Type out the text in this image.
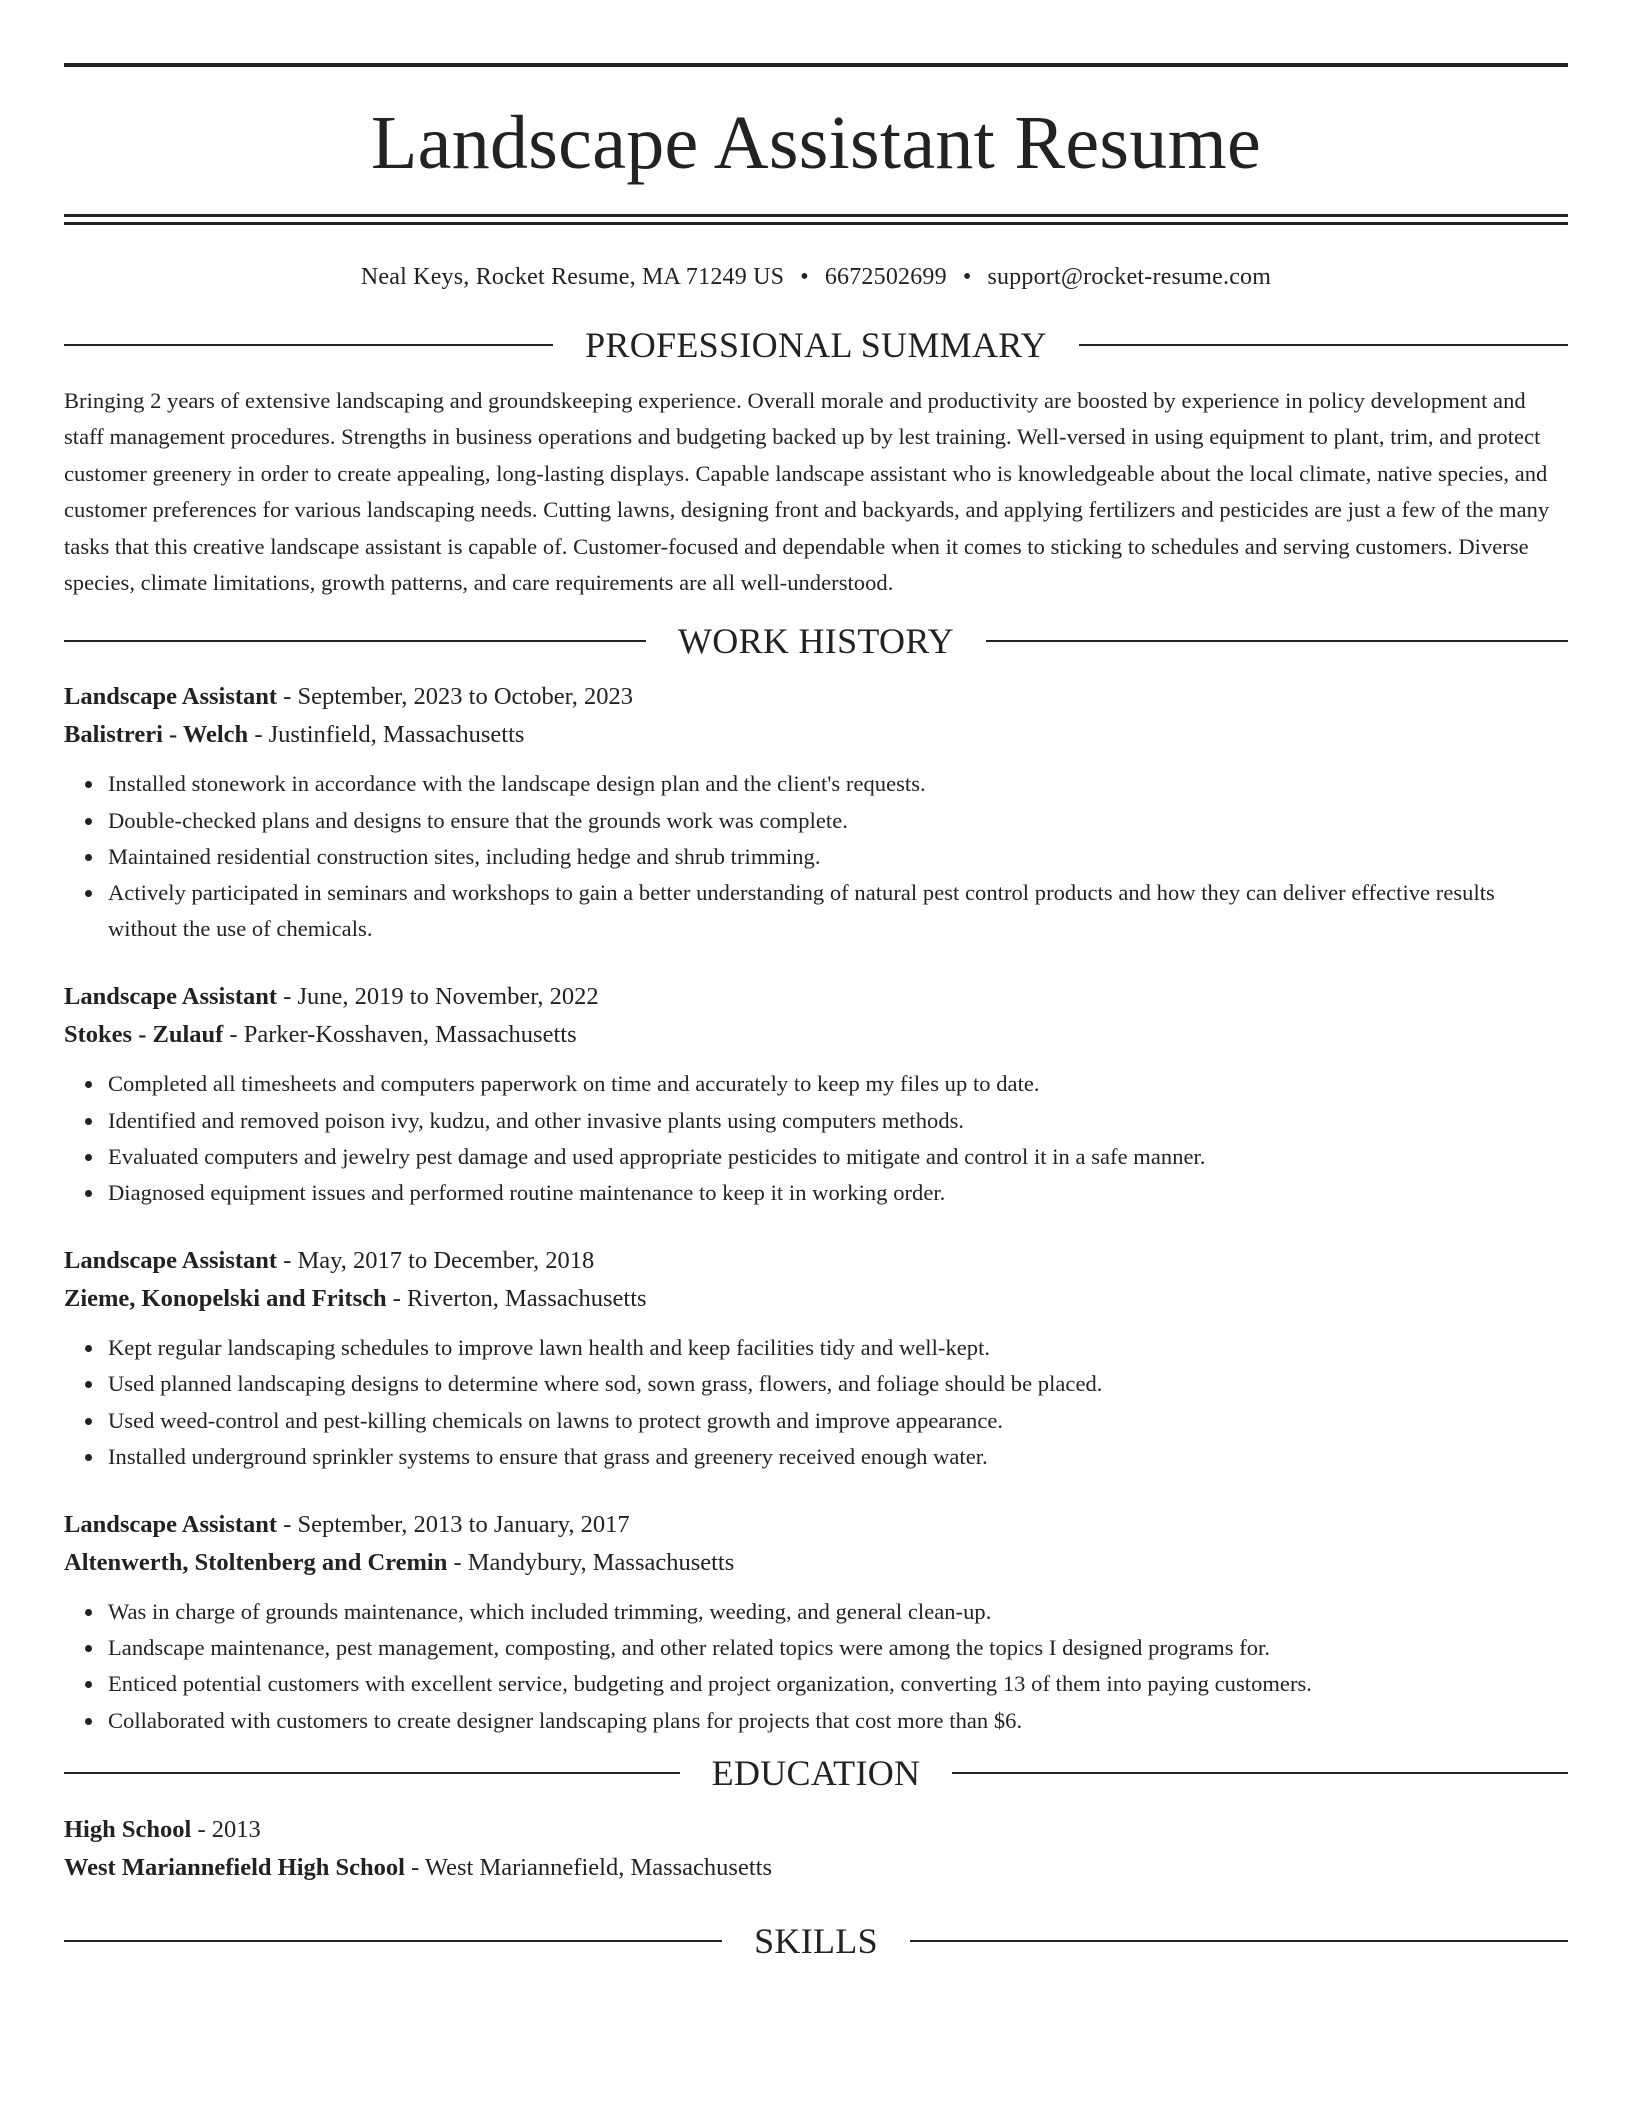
Landscape Assistant Resume
Neal Keys, Rocket Resume, MA 71249 US • 6672502699 • support@rocket-resume.com
PROFESSIONAL SUMMARY

Bringing 2 years of extensive landscaping and groundskeeping experience. Overall morale and productivity are boosted by experience in policy development and staff management procedures. Strengths in business operations and budgeting backed up by lest training. Well-versed in using equipment to plant, trim, and protect customer greenery in order to create appealing, long-lasting displays. Capable landscape assistant who is knowledgeable about the local climate, native species, and customer preferences for various landscaping needs. Cutting lawns, designing front and backyards, and applying fertilizers and pesticides are just a few of the many tasks that this creative landscape assistant is capable of. Customer-focused and dependable when it comes to sticking to schedules and serving customers. Diverse species, climate limitations, growth patterns, and care requirements are all well-understood.

WORK HISTORY
Landscape Assistant - September, 2023 to October, 2023
Balistreri - Welch - Justinfield, Massachusetts
Installed stonework in accordance with the landscape design plan and the client's requests.
Double-checked plans and designs to ensure that the grounds work was complete.
Maintained residential construction sites, including hedge and shrub trimming.
Actively participated in seminars and workshops to gain a better understanding of natural pest control products and how they can deliver effective results without the use of chemicals.
Landscape Assistant - June, 2019 to November, 2022
Stokes - Zulauf - Parker-Kosshaven, Massachusetts
Completed all timesheets and computers paperwork on time and accurately to keep my files up to date.
Identified and removed poison ivy, kudzu, and other invasive plants using computers methods.
Evaluated computers and jewelry pest damage and used appropriate pesticides to mitigate and control it in a safe manner.
Diagnosed equipment issues and performed routine maintenance to keep it in working order.
Landscape Assistant - May, 2017 to December, 2018
Zieme, Konopelski and Fritsch - Riverton, Massachusetts
Kept regular landscaping schedules to improve lawn health and keep facilities tidy and well-kept.
Used planned landscaping designs to determine where sod, sown grass, flowers, and foliage should be placed.
Used weed-control and pest-killing chemicals on lawns to protect growth and improve appearance.
Installed underground sprinkler systems to ensure that grass and greenery received enough water.
Landscape Assistant - September, 2013 to January, 2017
Altenwerth, Stoltenberg and Cremin - Mandybury, Massachusetts
Was in charge of grounds maintenance, which included trimming, weeding, and general clean-up.
Landscape maintenance, pest management, composting, and other related topics were among the topics I designed programs for.
Enticed potential customers with excellent service, budgeting and project organization, converting 13 of them into paying customers.
Collaborated with customers to create designer landscaping plans for projects that cost more than $6.
EDUCATION
High School - 2013
West Mariannefield High School - West Mariannefield, Massachusetts
SKILLS
